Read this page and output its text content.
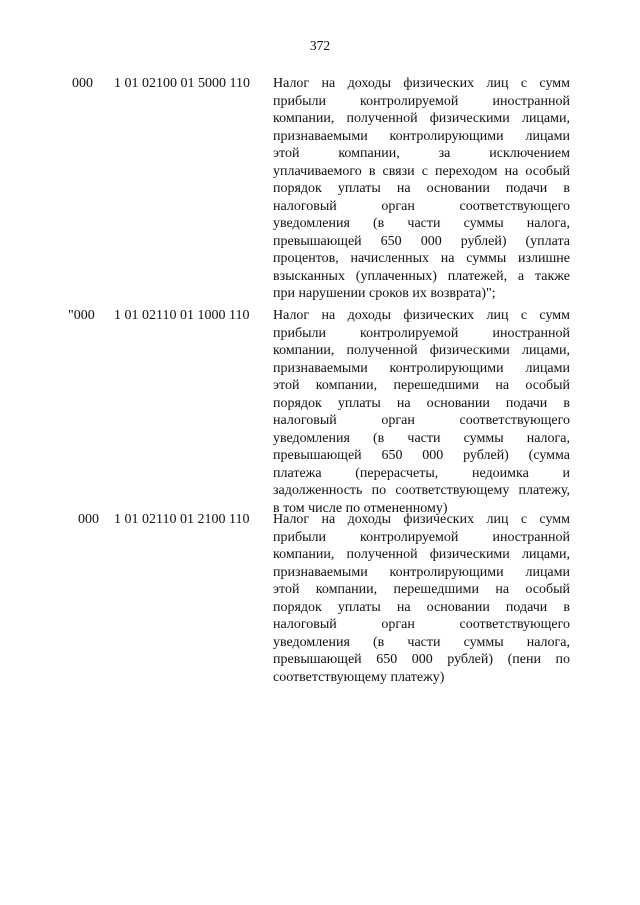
372
000 1 01 02100 01 5000 110 Налог на доходы физических лиц с сумм
прибыли контролируемой иностранной
компании, полученной физическими лицами,
признаваемыми контролирующими лицами
этой компании, за исключением
уплачиваемого в связи с переходом на особый
порядок уплаты на основании подачи в
налоговый орган соответствующего
уведомления (в части суммы налога,
превышающей 650 000 рублей) (уплата
процентов, начисленных на суммы излишне
взысканных (уплаченных) платежей, а также
при нарушении сроков их возврата)";
"000 1 01 02110 01 1000 110 Налог на доходы физических лиц с сумм
прибыли контролируемой иностранной
компании, полученной физическими лицами,
признаваемыми контролирующими лицами
этой компании, перешедшими на особый
порядок уплаты на основании подачи в
налоговый орган соответствующего
уведомления (в части суммы налога,
превышающей 650 000 рублей) (сумма
платежа (перерасчеты, недоимка и
задолженность по соответствующему платежу,
в том числе по отмененному)
000 1 01 02110 01 2100 110 Налог на доходы физических лиц с сумм
прибыли контролируемой иностранной
компании, полученной физическими лицами,
признаваемыми контролирующими лицами
этой компании, перешедшими на особый
порядок уплаты на основании подачи в
налоговый орган соответствующего
уведомления (в части суммы налога,
превышающей 650 000 рублей) (пени по
соответствующему платежу)
